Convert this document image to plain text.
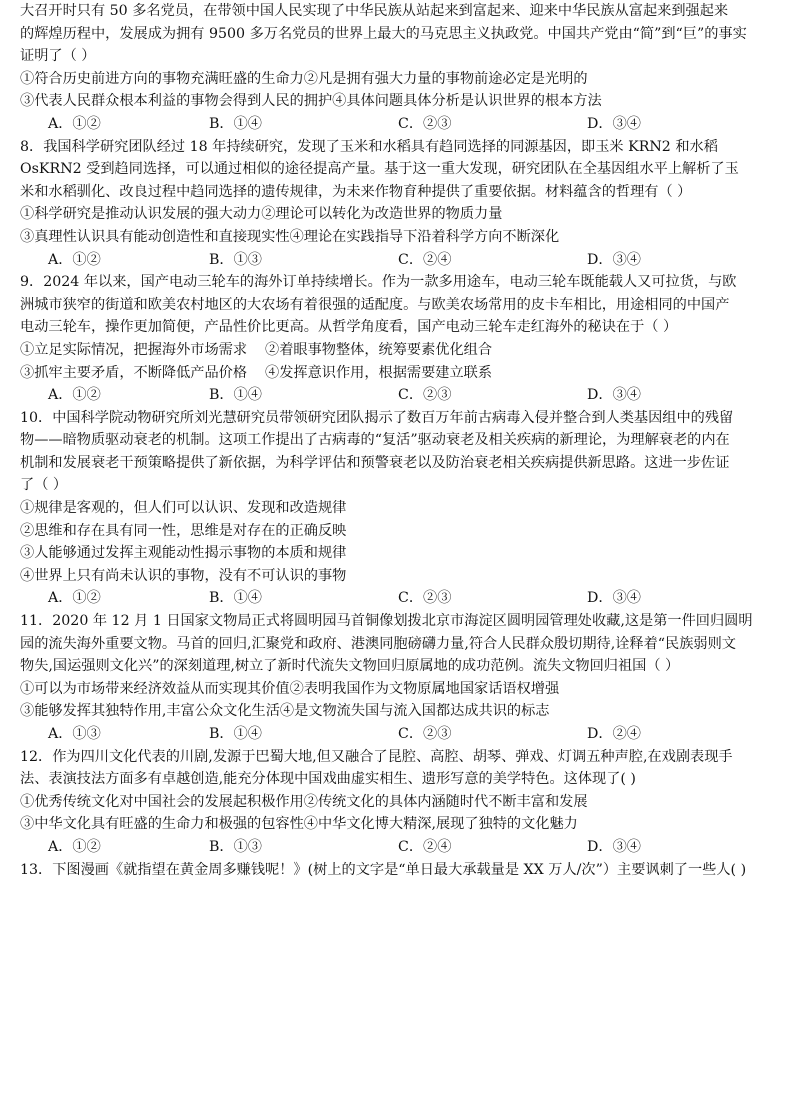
大召开时只有 50 多名党员，在带领中国人民实现了中华民族从站起来到富起来、迎来中华民族从富起来到强起来
的辉煌历程中，发展成为拥有 9500 多万名党员的世界上最大的马克思主义执政党。中国共产党由“简”到“巨”的事实
证明了（ ）
①符合历史前进方向的事物充满旺盛的生命力②凡是拥有强大力量的事物前途必定是光明的
③代表人民群众根本利益的事物会得到人民的拥护④具体问题具体分析是认识世界的根本方法
A．①②	B．①④	C．②③	D．③④
8．我国科学研究团队经过 18 年持续研究，发现了玉米和水稻具有趋同选择的同源基因，即玉米 KRN2 和水稻
OsKRN2 受到趋同选择，可以通过相似的途径提高产量。基于这一重大发现，研究团队在全基因组水平上解析了玉
米和水稻驯化、改良过程中趋同选择的遗传规律，为未来作物育种提供了重要依据。材料蕴含的哲理有（ ）
①科学研究是推动认识发展的强大动力②理论可以转化为改造世界的物质力量
③真理性认识具有能动创造性和直接现实性④理论在实践指导下沿着科学方向不断深化
A．①②	B．①③	C．②④	D．③④
9．2024 年以来，国产电动三轮车的海外订单持续增长。作为一款多用途车，电动三轮车既能载人又可拉货，与欧
洲城市狭窄的街道和欧美农村地区的大农场有着很强的适配度。与欧美农场常用的皮卡车相比，用途相同的中国产
电动三轮车，操作更加简便，产品性价比更高。从哲学角度看，国产电动三轮车走红海外的秘诀在于（ ）
①立足实际情况，把握海外市场需求    ②着眼事物整体，统筹要素优化组合
③抓牢主要矛盾，不断降低产品价格    ④发挥意识作用，根据需要建立联系
A．①②	B．①④	C．②③	D．③④
10．中国科学院动物研究所刘光慧研究员带领研究团队揭示了数百万年前古病毒入侵并整合到人类基因组中的残留
物——暗物质驱动衰老的机制。这项工作提出了古病毒的“复活”驱动衰老及相关疾病的新理论，为理解衰老的内在
机制和发展衰老干预策略提供了新依据，为科学评估和预警衰老以及防治衰老相关疾病提供新思路。这进一步佐证
了（ ）
①规律是客观的，但人们可以认识、发现和改造规律
②思维和存在具有同一性，思维是对存在的正确反映
③人能够通过发挥主观能动性揭示事物的本质和规律
④世界上只有尚未认识的事物，没有不可认识的事物
A．①②	B．①④	C．②③	D．③④
11．2020 年 12 月 1 日国家文物局正式将圆明园马首铜像划拨北京市海淀区圆明园管理处收藏,这是第一件回归圆明
园的流失海外重要文物。马首的回归,汇聚党和政府、港澳同胞磅礴力量,符合人民群众殷切期待,诠释着“民族弱则文
物失,国运强则文化兴”的深刻道理,树立了新时代流失文物回归原属地的成功范例。流失文物回归祖国（ ）
①可以为市场带来经济效益从而实现其价值②表明我国作为文物原属地国家话语权增强
③能够发挥其独特作用,丰富公众文化生活④是文物流失国与流入国都达成共识的标志
A．①③	B．①④	C．②③	D．②④
12．作为四川文化代表的川剧,发源于巴蜀大地,但又融合了昆腔、高腔、胡琴、弹戏、灯调五种声腔,在戏剧表现手
法、表演技法方面多有卓越创造,能充分体现中国戏曲虚实相生、遗形写意的美学特色。这体现了( )
①优秀传统文化对中国社会的发展起积极作用②传统文化的具体内涵随时代不断丰富和发展
③中华文化具有旺盛的生命力和极强的包容性④中华文化博大精深,展现了独特的文化魅力
A．①②	B．①③	C．②④	D．③④
13．下图漫画《就指望在黄金周多赚钱呢！》(树上的文字是“单日最大承载量是 XX 万人/次”）主要讽刺了一些人( )
